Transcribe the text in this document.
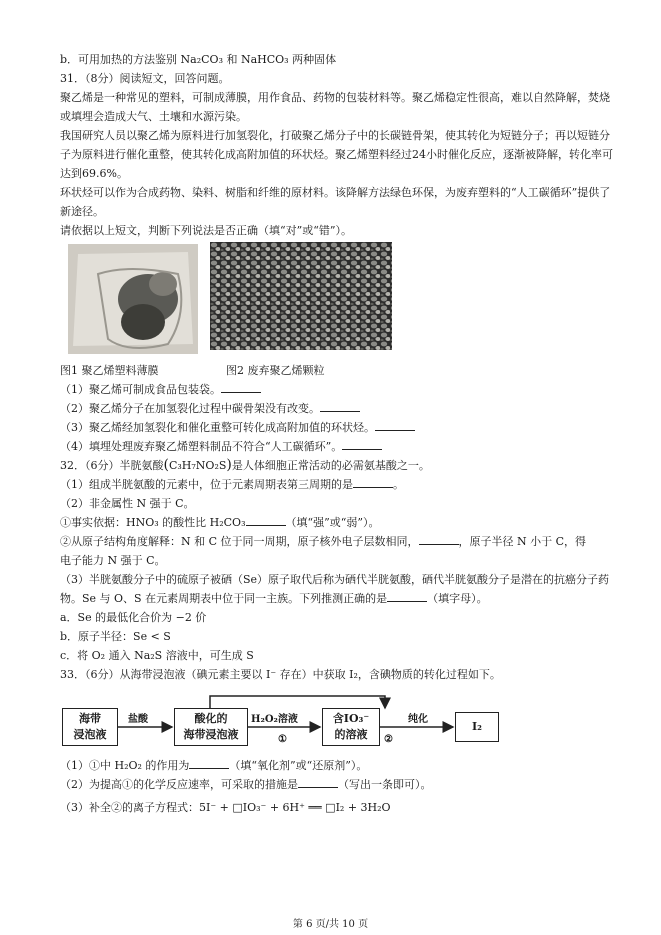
b．可用加热的方法鉴别 Na₂CO₃ 和 NaHCO₃ 两种固体
31．（8分）阅读短文，回答问题。
聚乙烯是一种常见的塑料，可制成薄膜，用作食品、药物的包装材料等。聚乙烯稳定性很高，难以自然降解，焚烧或填埋会造成大气、土壤和水源污染。
我国研究人员以聚乙烯为原料进行加氢裂化，打破聚乙烯分子中的长碳链骨架，使其转化为短链分子；再以短链分子为原料进行催化重整，使其转化成高附加值的环状烃。聚乙烯塑料经过24小时催化反应，逐渐被降解，转化率可达到69.6%。
环状烃可以作为合成药物、染料、树脂和纤维的原材料。该降解方法绿色环保，为废弃塑料的“人工碳循环”提供了新途径。
请依据以上短文，判断下列说法是否正确（填“对”或“错”）。
图1 聚乙烯塑料薄膜	图2 废弃聚乙烯颗粒
（1）聚乙烯可制成食品包装袋。
（2）聚乙烯分子在加氢裂化过程中碳骨架没有改变。
（3）聚乙烯经加氢裂化和催化重整可转化成高附加值的环状烃。
（4）填埋处理废弃聚乙烯塑料制品不符合“人工碳循环”。
32．（6分）半胱氨酸(C₃H₇NO₂S)是人体细胞正常活动的必需氨基酸之一。
（1）组成半胱氨酸的元素中，位于元素周期表第三周期的是	。
（2）非金属性 N 强于 C。
①事实依据：HNO₃ 的酸性比 H₂CO₃	（填“强”或“弱”）。
②从原子结构角度解释：N 和 C 位于同一周期，原子核外电子层数相同，	，原子半径 N 小于 C，得
电子能力 N 强于 C。
（3）半胱氨酸分子中的硫原子被硒（Se）原子取代后称为硒代半胱氨酸，硒代半胱氨酸分子是潜在的抗癌分子药物。Se 与 O、S 在元素周期表中位于同一主族。下列推测正确的是	（填字母）。
a．Se 的最低化合价为 −2 价
b．原子半径：Se < S
c．将 O₂ 通入 Na₂S 溶液中，可生成 S
33．（6分）从海带浸泡液（碘元素主要以 I⁻ 存在）中获取 I₂，含碘物质的转化过程如下。
海带
浸泡液
盐酸	酸化的
海带浸泡液
H₂O₂溶液
①
含IO₃⁻
的溶液 ②
纯化
I₂
（1）①中 H₂O₂ 的作用为	（填“氧化剂”或“还原剂”）。
（2）为提高①的化学反应速率，可采取的措施是	（写出一条即可）。
（3）补全②的离子方程式：5I⁻ + □IO₃⁻ + 6H⁺ ══ □I₂ + 3H₂O
第 6 页/共 10 页
